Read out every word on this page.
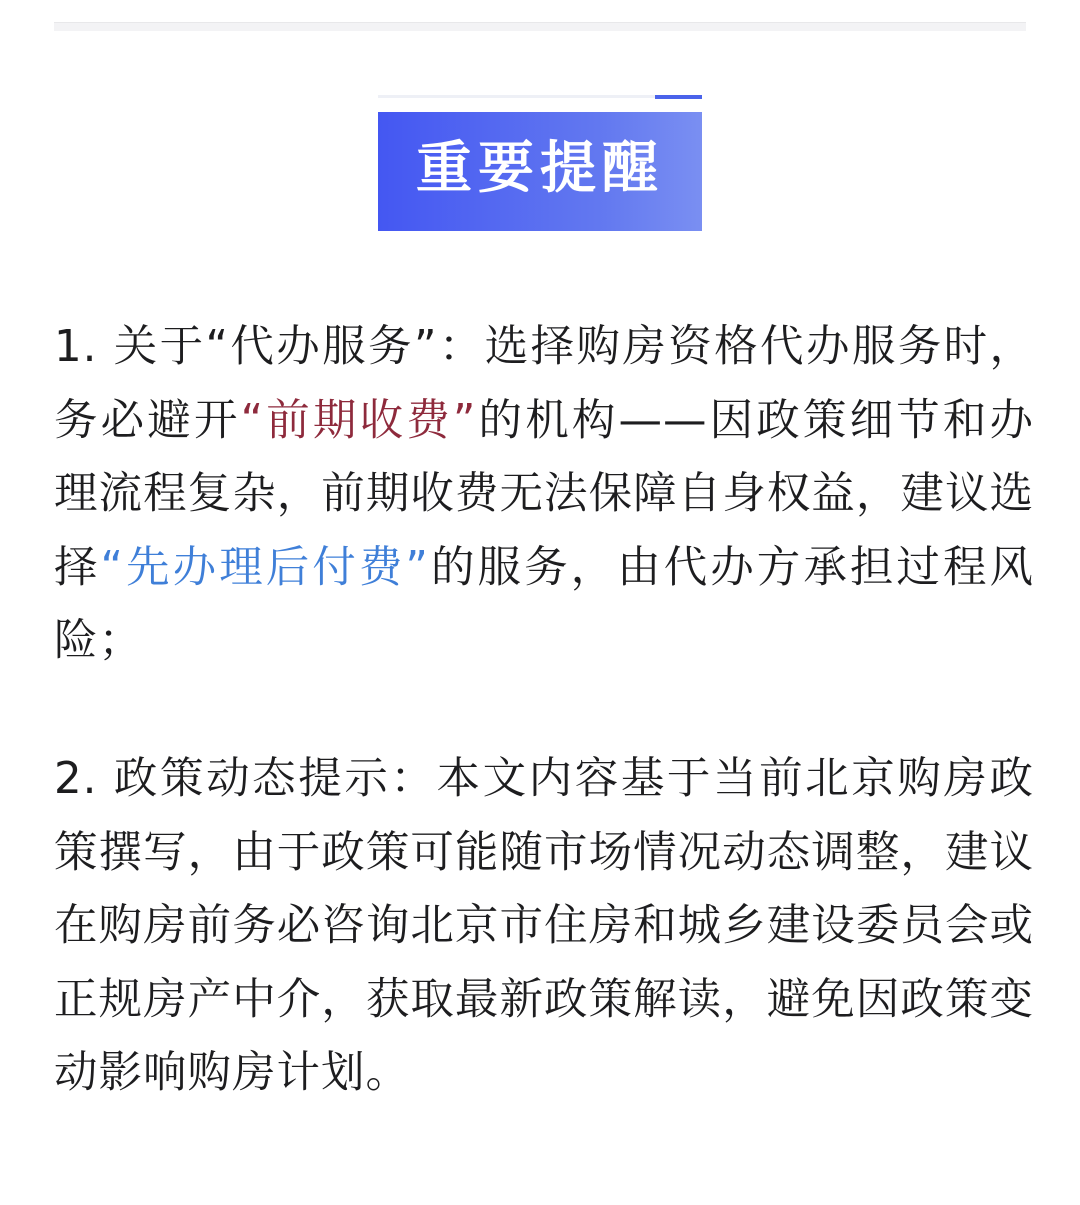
重要提醒

1. 关于“代办服务”：选择购房资格代办服务时，务必避开“前期收费”的机构——因政策细节和办理流程复杂，前期收费无法保障自身权益，建议选择“先办理后付费”的服务，由代办方承担过程风险；

2. 政策动态提示：本文内容基于当前北京购房政策撰写，由于政策可能随市场情况动态调整，建议在购房前务必咨询北京市住房和城乡建设委员会或正规房产中介，获取最新政策解读，避免因政策变动影响购房计划。
